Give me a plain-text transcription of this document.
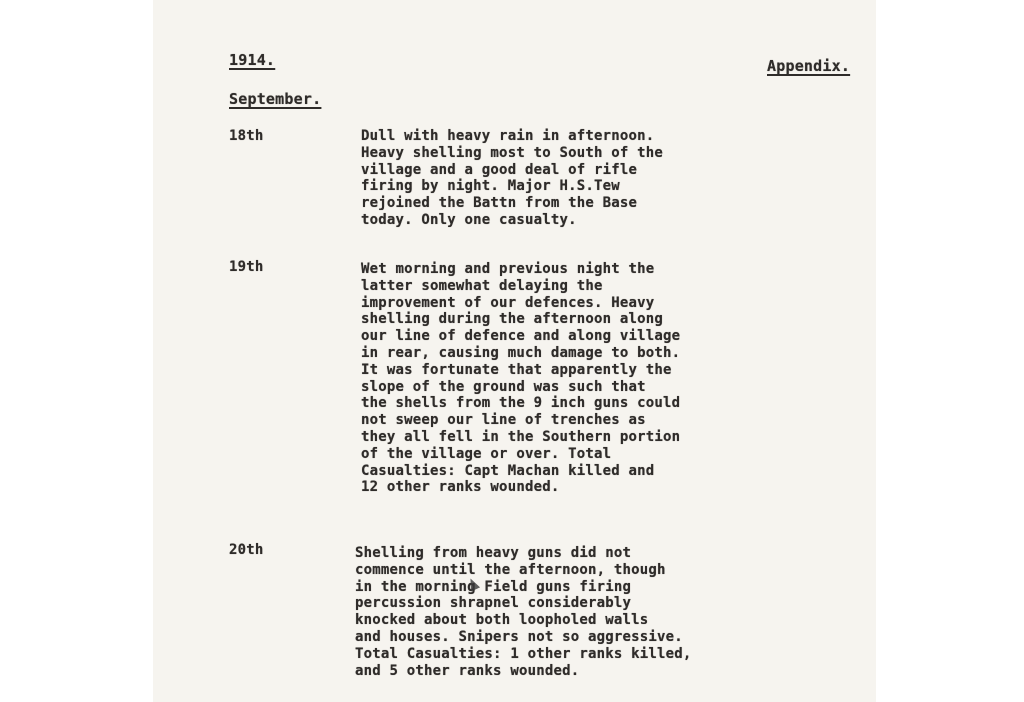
1914.	Appendix.
September.
18th	Dull with heavy rain in afternoon.
Heavy shelling most to South of the
village and a good deal of rifle
firing by night. Major H.S.Tew
rejoined the Battn from the Base
today. Only one casualty.
19th	Wet morning and previous night the
latter somewhat delaying the
improvement of our defences. Heavy
shelling during the afternoon along
our line of defence and along village
in rear, causing much damage to both.
It was fortunate that apparently the
slope of the ground was such that
the shells from the 9 inch guns could
not sweep our line of trenches as
they all fell in the Southern portion
of the village or over. Total
Casualties: Capt Machan killed and
12 other ranks wounded.
20th	Shelling from heavy guns did not
commence until the afternoon, though
in the morning Field guns firing
percussion shrapnel considerably
knocked about both loopholed walls
and houses. Snipers not so aggressive.
Total Casualties: 1 other ranks killed,
and 5 other ranks wounded.
